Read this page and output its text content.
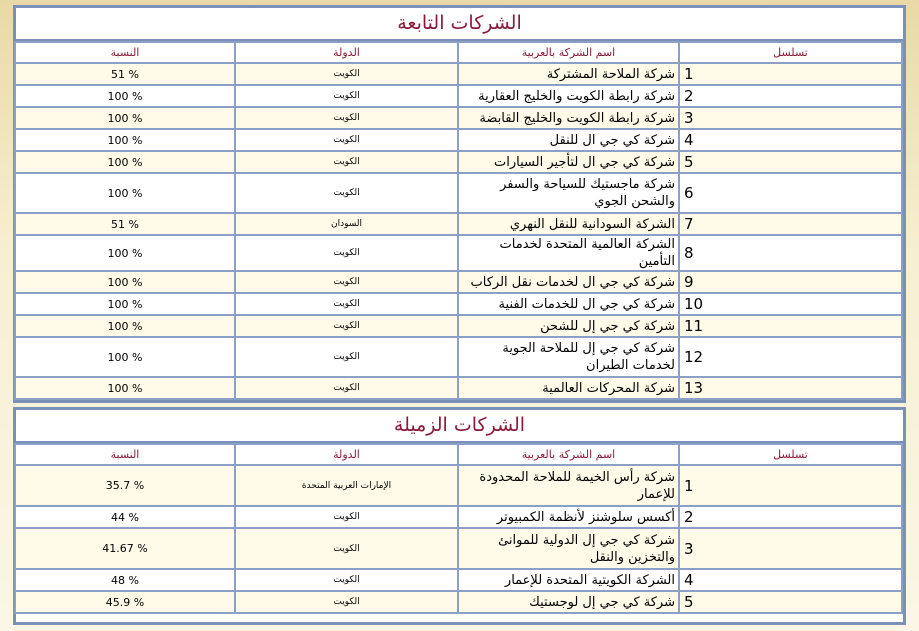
الشركات التابعة
تسلسل	اسم الشركة بالعربية	الدولة	النسبة
1	شركة الملاحة المشتركة	الكويت	% 51
2	شركة رابطة الكويت والخليج العقارية	الكويت	% 100
3	شركة رابطة الكويت والخليج القابضة	الكويت	% 100
4	شركة كي جي ال للنقل	الكويت	% 100
5	شركة كي جي ال لتأجير السيارات	الكويت	% 100
6	شركة ماجستيك للسياحة والسفر والشحن الجوي	الكويت	% 100
7	الشركة السودانية للنقل النهري	السودان	% 51
8	الشركة العالمية المتحدة لخدمات التأمين	الكويت	% 100
9	شركة كي جي ال لخدمات نقل الركاب	الكويت	% 100
10	شركة كي جي ال للخدمات الفنية	الكويت	% 100
11	شركة كي جي إل للشحن	الكويت	% 100
12	شركة كي جي إل للملاحة الجوية لخدمات الطيران	الكويت	% 100
13	شركة المحركات العالمية	الكويت	% 100
الشركات الزميلة
تسلسل	اسم الشركة بالعربية	الدولة	النسبة
1	شركة رأس الخيمة للملاحة المحدودة للإعمار	الإمارات العربية المتحدة	% 35.7
2	أكسس سلوشنز لأنظمة الكمبيوتر	الكويت	% 44
3	شركة كي جي إل الدولية للموانئ والتخزين والنقل	الكويت	% 41.67
4	الشركة الكويتية المتحدة للإعمار	الكويت	% 48
5	شركة كي جي إل لوجستيك	الكويت	% 45.9
